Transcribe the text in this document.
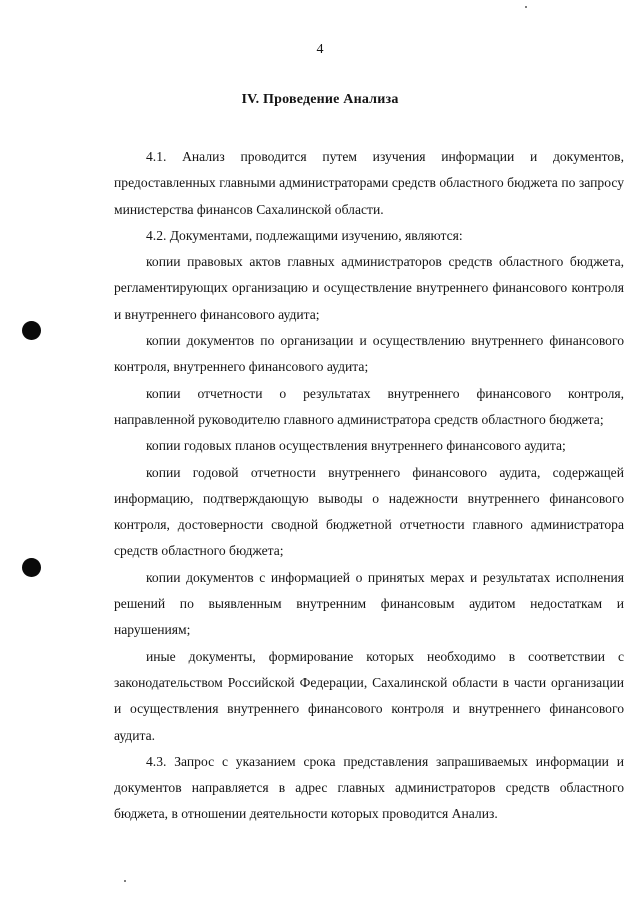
4
IV. Проведение Анализа

4.1. Анализ проводится путем изучения информации и документов, предоставленных главными администраторами средств областного бюджета по запросу министерства финансов Сахалинской области.

4.2. Документами, подлежащими изучению, являются:

копии правовых актов главных администраторов средств областного бюджета, регламентирующих организацию и осуществление внутреннего финансового контроля и внутреннего финансового аудита;

копии документов по организации и осуществлению внутреннего финансового контроля, внутреннего финансового аудита;

копии отчетности о результатах внутреннего финансового контроля, направленной руководителю главного администратора средств областного бюджета;

копии годовых планов осуществления внутреннего финансового аудита;

копии годовой отчетности внутреннего финансового аудита, содержащей информацию, подтверждающую выводы о надежности внутреннего финансового контроля, достоверности сводной бюджетной отчетности главного администратора средств областного бюджета;

копии документов с информацией о принятых мерах и результатах исполнения решений по выявленным внутренним финансовым аудитом недостаткам и нарушениям;

иные документы, формирование которых необходимо в соответствии с законодательством Российской Федерации, Сахалинской области в части организации и осуществления внутреннего финансового контроля и внутреннего финансового аудита.

4.3. Запрос с указанием срока представления запрашиваемых информации и документов направляется в адрес главных администраторов средств областного бюджета, в отношении деятельности которых проводится Анализ.
